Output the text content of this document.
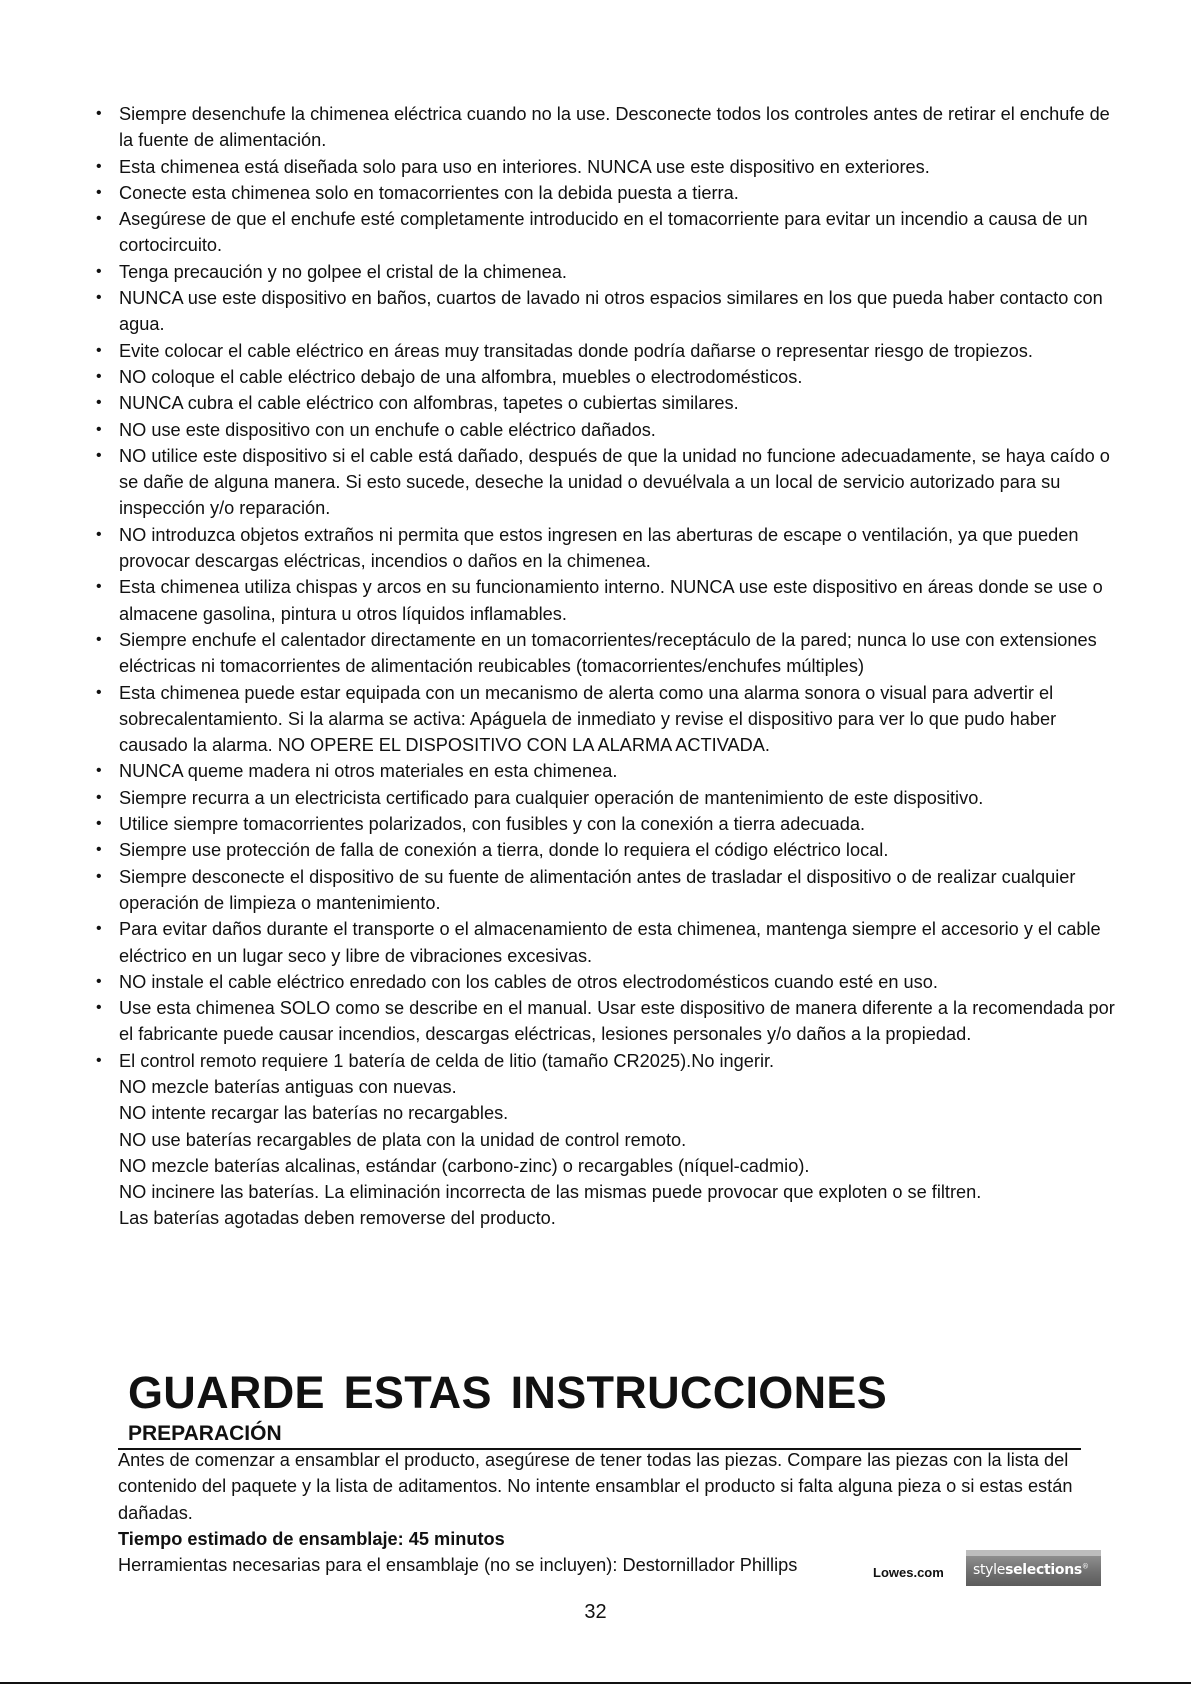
• Siempre desenchufe la chimenea eléctrica cuando no la use. Desconecte todos los controles antes de retirar el enchufe de la fuente de alimentación.
• Esta chimenea está diseñada solo para uso en interiores. NUNCA use este dispositivo en exteriores.
• Conecte esta chimenea solo en tomacorrientes con la debida puesta a tierra.
• Asegúrese de que el enchufe esté completamente introducido en el tomacorriente para evitar un incendio a causa de un cortocircuito.
• Tenga precaución y no golpee el cristal de la chimenea.
• NUNCA use este dispositivo en baños, cuartos de lavado ni otros espacios similares en los que pueda haber contacto con agua.
• Evite colocar el cable eléctrico en áreas muy transitadas donde podría dañarse o representar riesgo de tropiezos.
• NO coloque el cable eléctrico debajo de una alfombra, muebles o electrodomésticos.
• NUNCA cubra el cable eléctrico con alfombras, tapetes o cubiertas similares.
• NO use este dispositivo con un enchufe o cable eléctrico dañados.
• NO utilice este dispositivo si el cable está dañado, después de que la unidad no funcione adecuadamente, se haya caído o se dañe de alguna manera. Si esto sucede, deseche la unidad o devuélvala a un local de servicio autorizado para su inspección y/o reparación.
• NO introduzca objetos extraños ni permita que estos ingresen en las aberturas de escape o ventilación, ya que pueden provocar descargas eléctricas, incendios o daños en la chimenea.
• Esta chimenea utiliza chispas y arcos en su funcionamiento interno. NUNCA use este dispositivo en áreas donde se use o almacene gasolina, pintura u otros líquidos inflamables.
• Siempre enchufe el calentador directamente en un tomacorrientes/receptáculo de la pared; nunca lo use con extensiones eléctricas ni tomacorrientes de alimentación reubicables (tomacorrientes/enchufes múltiples)
• Esta chimenea puede estar equipada con un mecanismo de alerta como una alarma sonora o visual para advertir el sobrecalentamiento. Si la alarma se activa: Apáguela de inmediato y revise el dispositivo para ver lo que pudo haber causado la alarma. NO OPERE EL DISPOSITIVO CON LA ALARMA ACTIVADA.
• NUNCA queme madera ni otros materiales en esta chimenea.
• Siempre recurra a un electricista certificado para cualquier operación de mantenimiento de este dispositivo.
• Utilice siempre tomacorrientes polarizados, con fusibles y con la conexión a tierra adecuada.
• Siempre use protección de falla de conexión a tierra, donde lo requiera el código eléctrico local.
• Siempre desconecte el dispositivo de su fuente de alimentación antes de trasladar el dispositivo o de realizar cualquier operación de limpieza o mantenimiento.
• Para evitar daños durante el transporte o el almacenamiento de esta chimenea, mantenga siempre el accesorio y el cable eléctrico en un lugar seco y libre de vibraciones excesivas.
• NO instale el cable eléctrico enredado con los cables de otros electrodomésticos cuando esté en uso.
• Use esta chimenea SOLO como se describe en el manual. Usar este dispositivo de manera diferente a la recomendada por el fabricante puede causar incendios, descargas eléctricas, lesiones personales y/o daños a la propiedad.
• El control remoto requiere 1 batería de celda de litio (tamaño CR2025).No ingerir.
NO mezcle baterías antiguas con nuevas.
NO intente recargar las baterías no recargables.
NO use baterías recargables de plata con la unidad de control remoto.
NO mezcle baterías alcalinas, estándar (carbono-zinc) o recargables (níquel-cadmio).
NO incinere las baterías. La eliminación incorrecta de las mismas puede provocar que exploten o se filtren.
Las baterías agotadas deben removerse del producto.
GUARDE ESTAS INSTRUCCIONES
PREPARACIÓN
Antes de comenzar a ensamblar el producto, asegúrese de tener todas las piezas. Compare las piezas con la lista del contenido del paquete y la lista de aditamentos. No intente ensamblar el producto si falta alguna pieza o si estas están dañadas.
Tiempo estimado de ensamblaje: 45 minutos
Herramientas necesarias para el ensamblaje (no se incluyen): Destornillador Phillips	Lowes.com styleselections®
32
